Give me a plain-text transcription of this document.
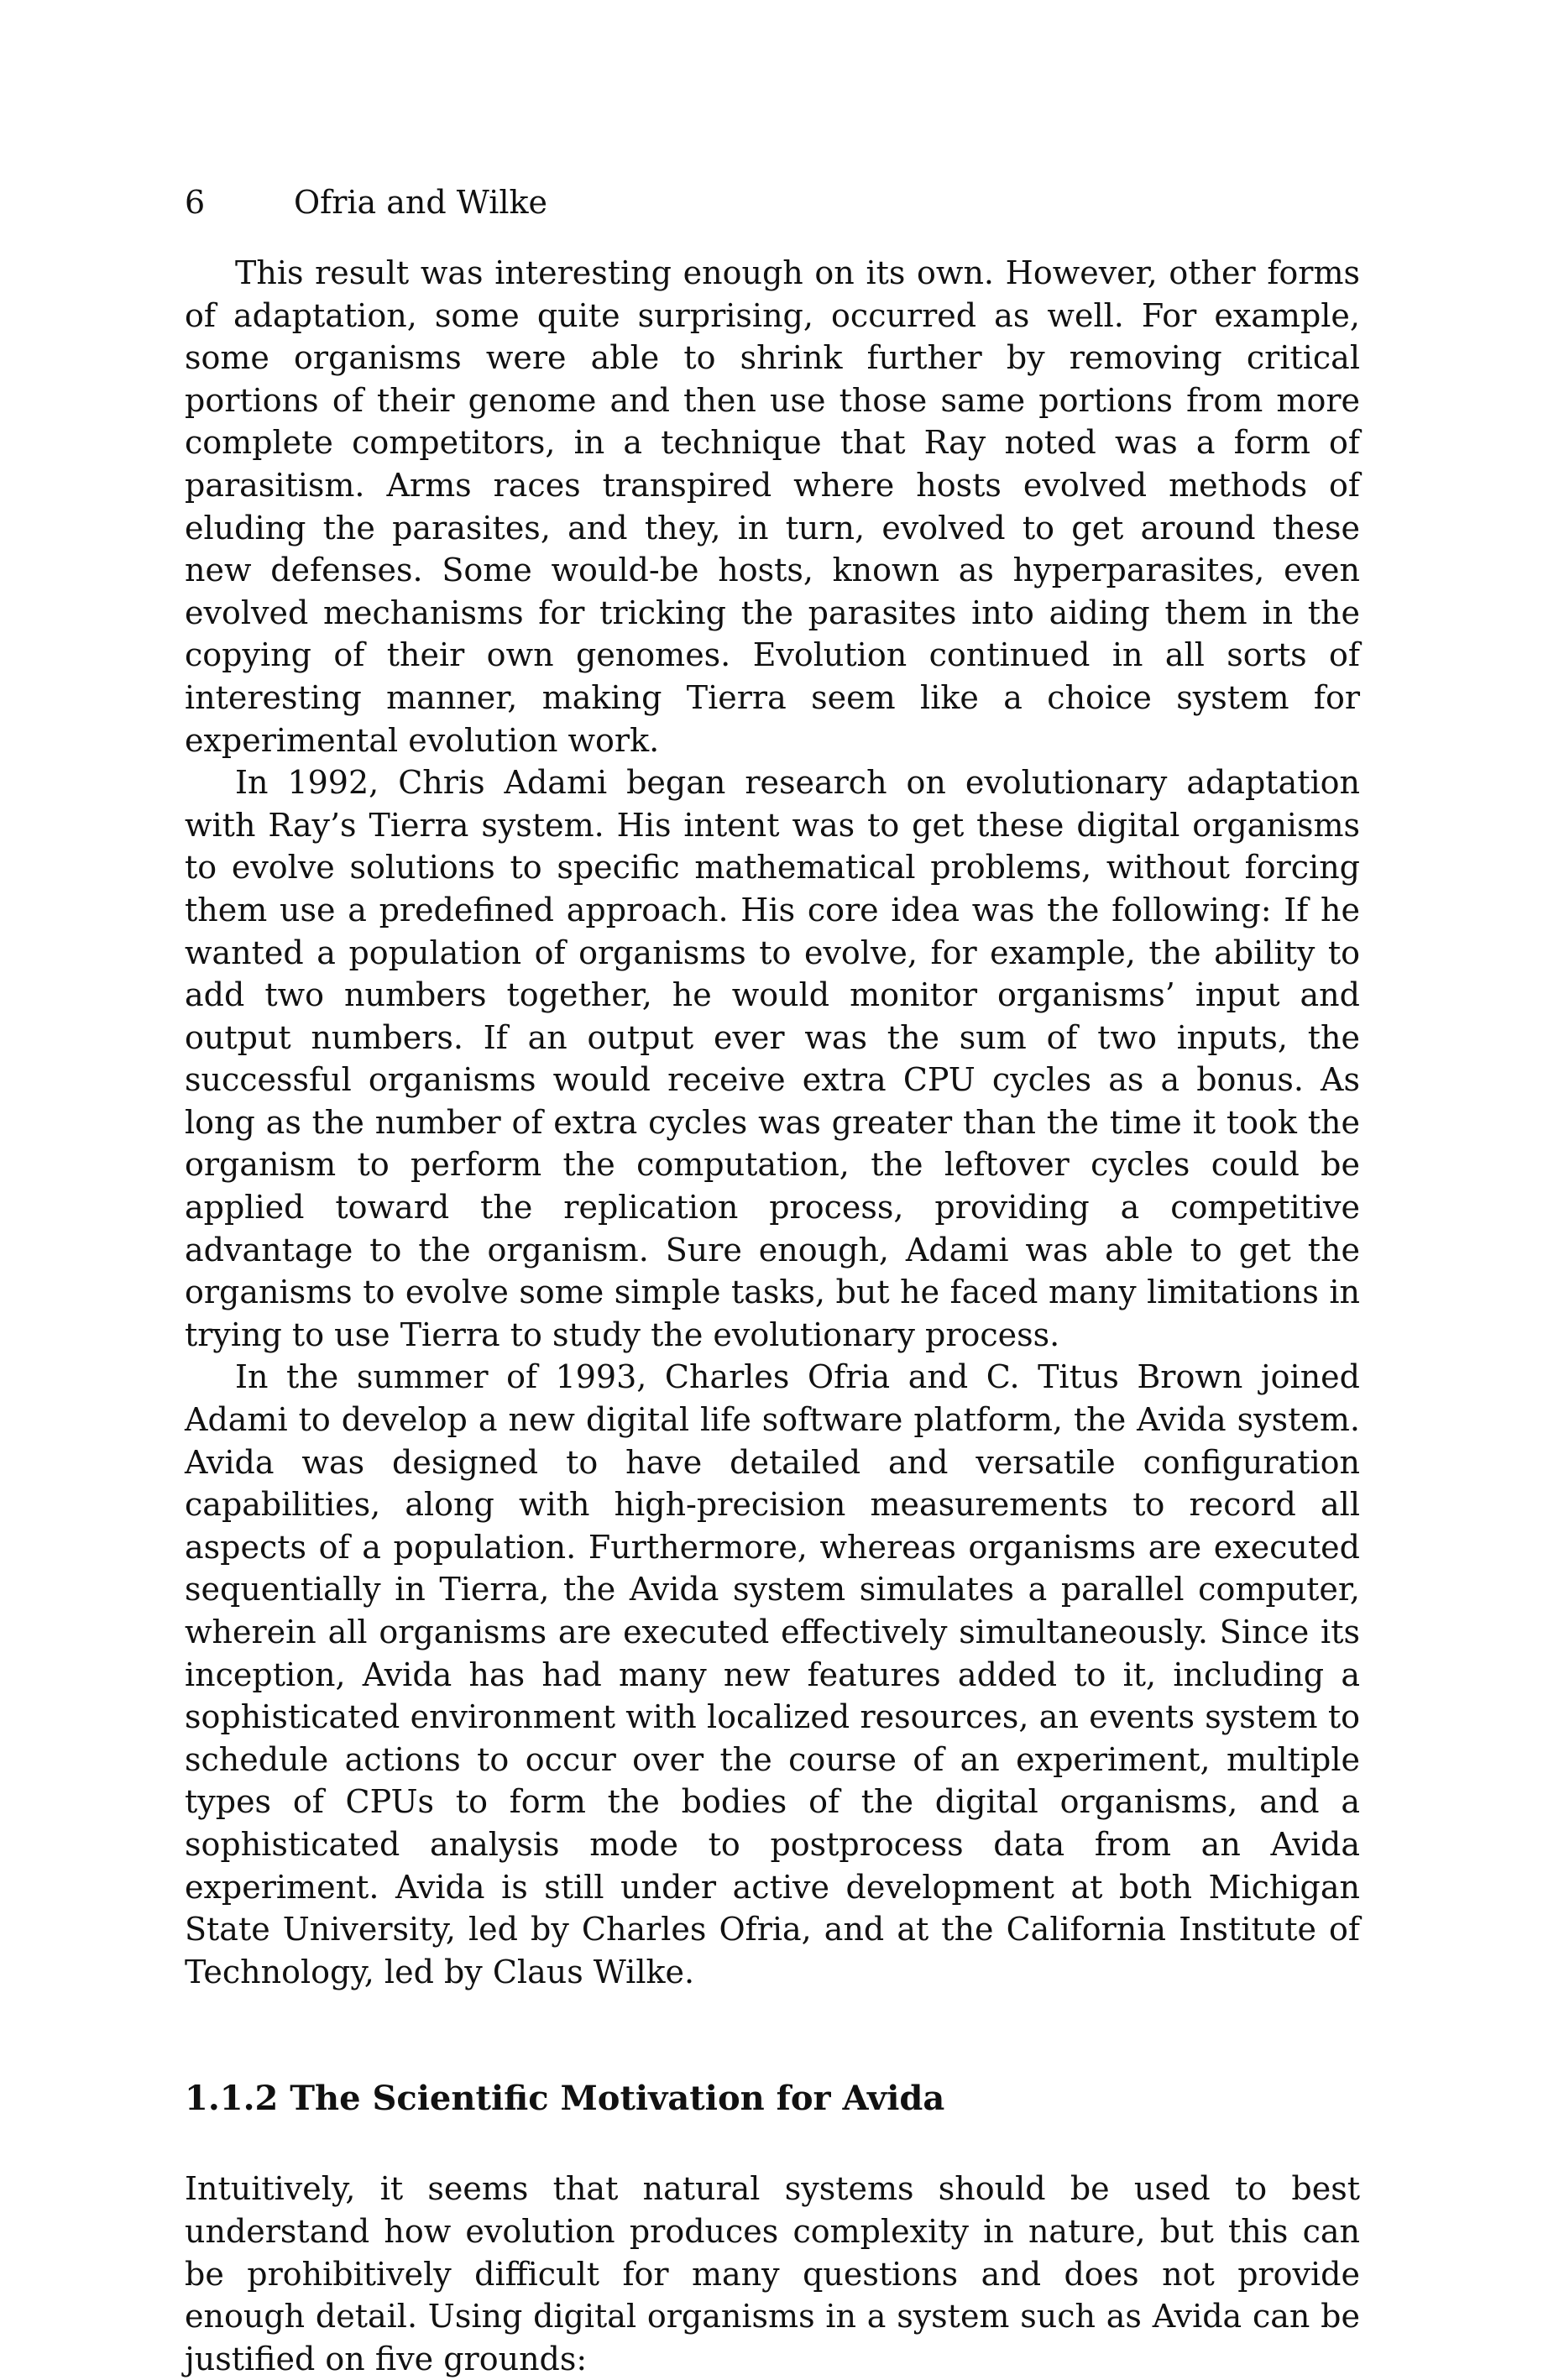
6	Ofria and Wilke

This result was interesting enough on its own. However, other forms of adaptation, some quite surprising, occurred as well. For example, some organisms were able to shrink further by removing critical portions of their genome and then use those same portions from more complete competitors, in a technique that Ray noted was a form of parasitism. Arms races transpired where hosts evolved methods of eluding the parasites, and they, in turn, evolved to get around these new defenses. Some would-be hosts, known as hyperparasites, even evolved mechanisms for tricking the parasites into aiding them in the copying of their own genomes. Evolution continued in all sorts of interesting manner, making Tierra seem like a choice system for experimental evolution work.

In 1992, Chris Adami began research on evolutionary adaptation with Ray’s Tierra system. His intent was to get these digital organisms to evolve solutions to specific mathematical problems, without forcing them use a predefined approach. His core idea was the following: If he wanted a population of organisms to evolve, for example, the ability to add two numbers together, he would monitor organisms’ input and output numbers. If an output ever was the sum of two inputs, the successful organisms would receive extra CPU cycles as a bonus. As long as the number of extra cycles was greater than the time it took the organism to perform the computation, the leftover cycles could be applied toward the replication process, providing a competitive advantage to the organism. Sure enough, Adami was able to get the organisms to evolve some simple tasks, but he faced many limitations in trying to use Tierra to study the evolutionary process.

In the summer of 1993, Charles Ofria and C. Titus Brown joined Adami to develop a new digital life software platform, the Avida system. Avida was designed to have detailed and versatile configuration capabilities, along with high-precision measurements to record all aspects of a population. Furthermore, whereas organisms are executed sequentially in Tierra, the Avida system simulates a parallel computer, wherein all organisms are executed effectively simultaneously. Since its inception, Avida has had many new features added to it, including a sophisticated environment with localized resources, an events system to schedule actions to occur over the course of an experiment, multiple types of CPUs to form the bodies of the digital organisms, and a sophisticated analysis mode to postprocess data from an Avida experiment. Avida is still under active development at both Michigan State University, led by Charles Ofria, and at the California Institute of Technology, led by Claus Wilke.

1.1.2 The Scientific Motivation for Avida

Intuitively, it seems that natural systems should be used to best understand how evolution produces complexity in nature, but this can be prohibitively difficult for many questions and does not provide enough detail. Using digital organisms in a system such as Avida can be justified on five grounds:
